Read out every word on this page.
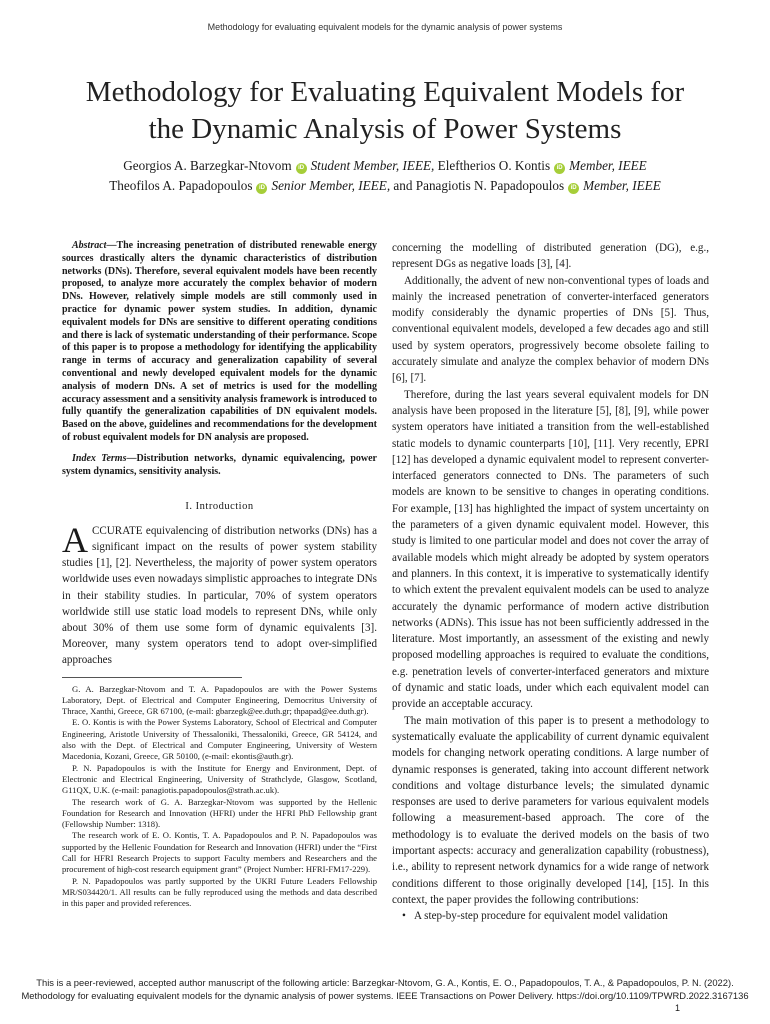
Methodology for evaluating equivalent models for the dynamic analysis of power systems
Methodology for Evaluating Equivalent Models for
the Dynamic Analysis of Power Systems
Georgios A. Barzegkar-Ntovom iD Student Member, IEEE, Eleftherios O. Kontis iD Member, IEEE
Theofilos A. Papadopoulos iD Senior Member, IEEE, and Panagiotis N. Papadopoulos iD Member, IEEE

Abstract—The increasing penetration of distributed renewable energy sources drastically alters the dynamic characteristics of distribution networks (DNs). Therefore, several equivalent models have been recently proposed, to analyze more accurately the complex behavior of modern DNs. However, relatively simple models are still commonly used in practice for dynamic power system studies. In addition, dynamic equivalent models for DNs are sensitive to different operating conditions and there is lack of systematic understanding of their performance. Scope of this paper is to propose a methodology for identifying the applicability range in terms of accuracy and generalization capability of several conventional and newly developed equivalent models for the dynamic analysis of modern DNs. A set of metrics is used for the modelling accuracy assessment and a sensitivity analysis framework is introduced to fully quantify the generalization capabilities of DN equivalent models. Based on the above, guidelines and recommendations for the development of robust equivalent models for DN analysis are proposed.

Index Terms—Distribution networks, dynamic equivalencing, power system dynamics, sensitivity analysis.

I. Introduction

ACCURATE equivalencing of distribution networks (DNs) has a significant impact on the results of power system stability studies [1], [2]. Nevertheless, the majority of power system operators worldwide uses even nowadays simplistic approaches to integrate DNs in their stability studies. In particular, 70% of system operators worldwide still use static load models to represent DNs, while only about 30% of them use some form of dynamic equivalents [3]. Moreover, many system operators tend to adopt over-simplified approaches

G. A. Barzegkar-Ntovom and T. A. Papadopoulos are with the Power Systems Laboratory, Dept. of Electrical and Computer Engineering, Democritus University of Thrace, Xanthi, Greece, GR 67100, (e-mail: gbarzegk@ee.duth.gr; thpapad@ee.duth.gr).

E. O. Kontis is with the Power Systems Laboratory, School of Electrical and Computer Engineering, Aristotle University of Thessaloniki, Thessaloniki, Greece, GR 54124, and also with the Dept. of Electrical and Computer Engineering, University of Western Macedonia, Kozani, Greece, GR 50100, (e-mail: ekontis@auth.gr).

P. N. Papadopoulos is with the Institute for Energy and Environment, Dept. of Electronic and Electrical Engineering, University of Strathclyde, Glasgow, Scotland, G11QX, U.K. (e-mail: panagiotis.papadopoulos@strath.ac.uk).

The research work of G. A. Barzegkar-Ntovom was supported by the Hellenic Foundation for Research and Innovation (HFRI) under the HFRI PhD Fellowship grant (Fellowship Number: 1318).

The research work of E. O. Kontis, T. A. Papadopoulos and P. N. Papadopoulos was supported by the Hellenic Foundation for Research and Innovation (HFRI) under the “First Call for HFRI Research Projects to support Faculty members and Researchers and the procurement of high-cost research equipment grant” (Project Number: HFRI-FM17-229).

P. N. Papadopoulos was partly supported by the UKRI Future Leaders Fellowship MR/S034420/1. All results can be fully reproduced using the methods and data described in this paper and provided references.

concerning the modelling of distributed generation (DG), e.g., represent DGs as negative loads [3], [4].

Additionally, the advent of new non-conventional types of loads and mainly the increased penetration of converter-interfaced generators modify considerably the dynamic properties of DNs [5]. Thus, conventional equivalent models, developed a few decades ago and still used by system operators, progressively become obsolete failing to accurately simulate and analyze the complex behavior of modern DNs [6], [7].

Therefore, during the last years several equivalent models for DN analysis have been proposed in the literature [5], [8], [9], while power system operators have initiated a transition from the well-established static models to dynamic counterparts [10], [11]. Very recently, EPRI [12] has developed a dynamic equivalent model to represent converter-interfaced generators connected to DNs. The parameters of such models are known to be sensitive to changes in operating conditions. For example, [13] has highlighted the impact of system uncertainty on the parameters of a given dynamic equivalent model. However, this study is limited to one particular model and does not cover the array of available models which might already be adopted by system operators and planners. In this context, it is imperative to systematically identify to which extent the prevalent equivalent models can be used to analyze accurately the dynamic performance of modern active distribution networks (ADNs). This issue has not been sufficiently addressed in the literature. Most importantly, an assessment of the existing and newly proposed modelling approaches is required to evaluate the conditions, e.g. penetration levels of converter-interfaced generators and mixture of dynamic and static loads, under which each equivalent model can provide an acceptable accuracy.

The main motivation of this paper is to present a methodology to systematically evaluate the applicability of current dynamic equivalent models for changing network operating conditions. A large number of dynamic responses is generated, taking into account different network conditions and voltage disturbance levels; the simulated dynamic responses are used to derive parameters for various equivalent models following a measurement-based approach. The core of the methodology is to evaluate the derived models on the basis of two important aspects: accuracy and generalization capability (robustness), i.e., ability to represent network dynamics for a wide range of network conditions different to those originally developed [14], [15]. In this context, the paper provides the following contributions:

• A step-by-step procedure for equivalent model validation

This is a peer-reviewed, accepted author manuscript of the following article: Barzegkar-Ntovom, G. A., Kontis, E. O., Papadopoulos, T. A., & Papadopoulos, P. N. (2022).
Methodology for evaluating equivalent models for the dynamic analysis of power systems. IEEE Transactions on Power Delivery. https://doi.org/10.1109/TPWRD.2022.3167136
1
